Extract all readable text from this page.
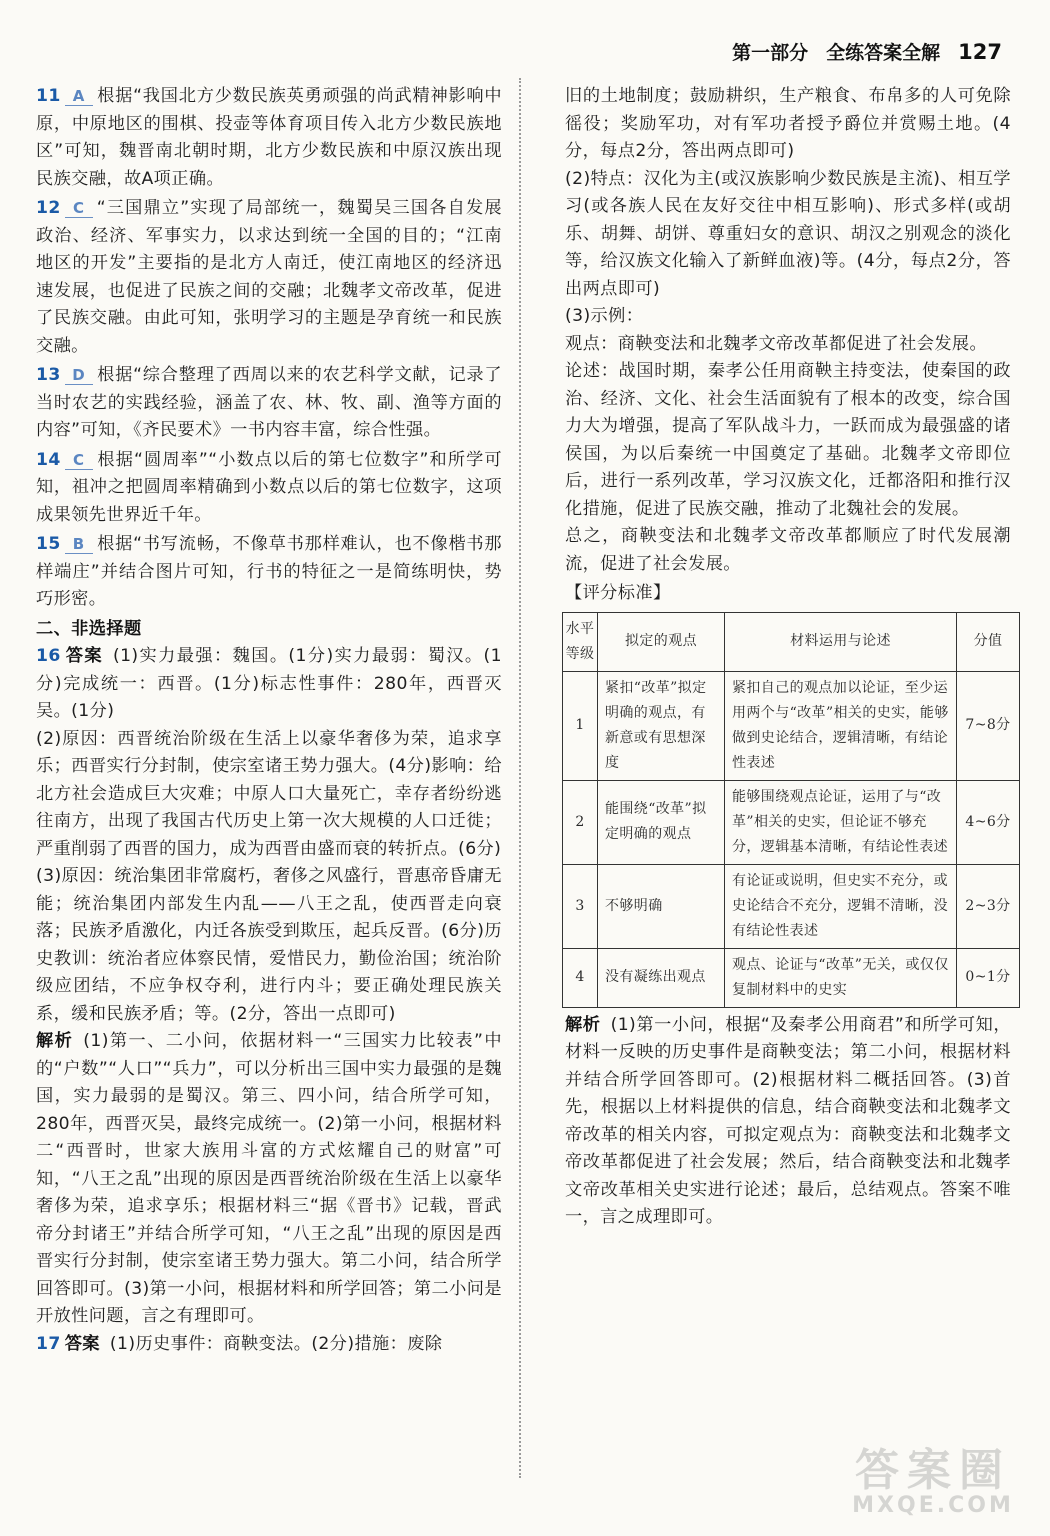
第一部分 全练答案全解 127

11 A 根据“我国北方少数民族英勇顽强的尚武精神影响中原，中原地区的围棋、投壶等体育项目传入北方少数民族地区”可知，魏晋南北朝时期，北方少数民族和中原汉族出现民族交融，故A项正确。

12 C “三国鼎立”实现了局部统一，魏蜀吴三国各自发展政治、经济、军事实力，以求达到统一全国的目的；“江南地区的开发”主要指的是北方人南迁，使江南地区的经济迅速发展，也促进了民族之间的交融；北魏孝文帝改革，促进了民族交融。由此可知，张明学习的主题是孕育统一和民族交融。

13 D 根据“综合整理了西周以来的农艺科学文献，记录了当时农艺的实践经验，涵盖了农、林、牧、副、渔等方面的内容”可知，《齐民要术》一书内容丰富，综合性强。

14 C 根据“圆周率”“小数点以后的第七位数字”和所学可知，祖冲之把圆周率精确到小数点以后的第七位数字，这项成果领先世界近千年。

15 B 根据“书写流畅，不像草书那样难认，也不像楷书那样端庄”并结合图片可知，行书的特征之一是简练明快，势巧形密。

二、非选择题

16 答案 (1)实力最强：魏国。(1分)实力最弱：蜀汉。(1分)完成统一：西晋。(1分)标志性事件：280年，西晋灭吴。(1分)

(2)原因：西晋统治阶级在生活上以豪华奢侈为荣，追求享乐；西晋实行分封制，使宗室诸王势力强大。(4分)影响：给北方社会造成巨大灾难；中原人口大量死亡，幸存者纷纷逃往南方，出现了我国古代历史上第一次大规模的人口迁徙；严重削弱了西晋的国力，成为西晋由盛而衰的转折点。(6分)

(3)原因：统治集团非常腐朽，奢侈之风盛行，晋惠帝昏庸无能；统治集团内部发生内乱——八王之乱，使西晋走向衰落；民族矛盾激化，内迁各族受到欺压，起兵反晋。(6分)历史教训：统治者应体察民情，爱惜民力，勤俭治国；统治阶级应团结，不应争权夺利，进行内斗；要正确处理民族关系，缓和民族矛盾；等。(2分，答出一点即可)

解析 (1)第一、二小问，依据材料一“三国实力比较表”中的“户数”“人口”“兵力”，可以分析出三国中实力最强的是魏国，实力最弱的是蜀汉。第三、四小问，结合所学可知，280年，西晋灭吴，最终完成统一。(2)第一小问，根据材料二“西晋时，世家大族用斗富的方式炫耀自己的财富”可知，“八王之乱”出现的原因是西晋统治阶级在生活上以豪华奢侈为荣，追求享乐；根据材料三“据《晋书》记载，晋武帝分封诸王”并结合所学可知，“八王之乱”出现的原因是西晋实行分封制，使宗室诸王势力强大。第二小问，结合所学回答即可。(3)第一小问，根据材料和所学回答；第二小问是开放性问题，言之有理即可。

17 答案 (1)历史事件：商鞅变法。(2分)措施：废除

旧的土地制度；鼓励耕织，生产粮食、布帛多的人可免除徭役；奖励军功，对有军功者授予爵位并赏赐土地。(4分，每点2分，答出两点即可)

(2)特点：汉化为主(或汉族影响少数民族是主流)、相互学习(或各族人民在友好交往中相互影响)、形式多样(或胡乐、胡舞、胡饼、尊重妇女的意识、胡汉之别观念的淡化等，给汉族文化输入了新鲜血液)等。(4分，每点2分，答出两点即可)

(3)示例：

观点：商鞅变法和北魏孝文帝改革都促进了社会发展。

论述：战国时期，秦孝公任用商鞅主持变法，使秦国的政治、经济、文化、社会生活面貌有了根本的改变，综合国力大为增强，提高了军队战斗力，一跃而成为最强盛的诸侯国，为以后秦统一中国奠定了基础。北魏孝文帝即位后，进行一系列改革，学习汉族文化，迁都洛阳和推行汉化措施，促进了民族交融，推动了北魏社会的发展。

总之，商鞅变法和北魏孝文帝改革都顺应了时代发展潮流，促进了社会发展。

【评分标准】

水平等级	拟定的观点	材料运用与论述	分值
1	紧扣“改革”拟定明确的观点，有新意或有思想深度	紧扣自己的观点加以论证，至少运用两个与“改革”相关的史实，能够做到史论结合，逻辑清晰，有结论性表述	7~8分
2	能围绕“改革”拟定明确的观点	能够围绕观点论证，运用了与“改革”相关的史实，但论证不够充分，逻辑基本清晰，有结论性表述	4~6分
3	不够明确	有论证或说明，但史实不充分，或史论结合不充分，逻辑不清晰，没有结论性表述	2~3分
4	没有凝练出观点	观点、论证与“改革”无关，或仅仅复制材料中的史实	0~1分

解析 (1)第一小问，根据“及秦孝公用商君”和所学可知，材料一反映的历史事件是商鞅变法；第二小问，根据材料并结合所学回答即可。(2)根据材料二概括回答。(3)首先，根据以上材料提供的信息，结合商鞅变法和北魏孝文帝改革的相关内容，可拟定观点为：商鞅变法和北魏孝文帝改革都促进了社会发展；然后，结合商鞅变法和北魏孝文帝改革相关史实进行论述；最后，总结观点。答案不唯一，言之成理即可。

答案圈
MXQE.COM
